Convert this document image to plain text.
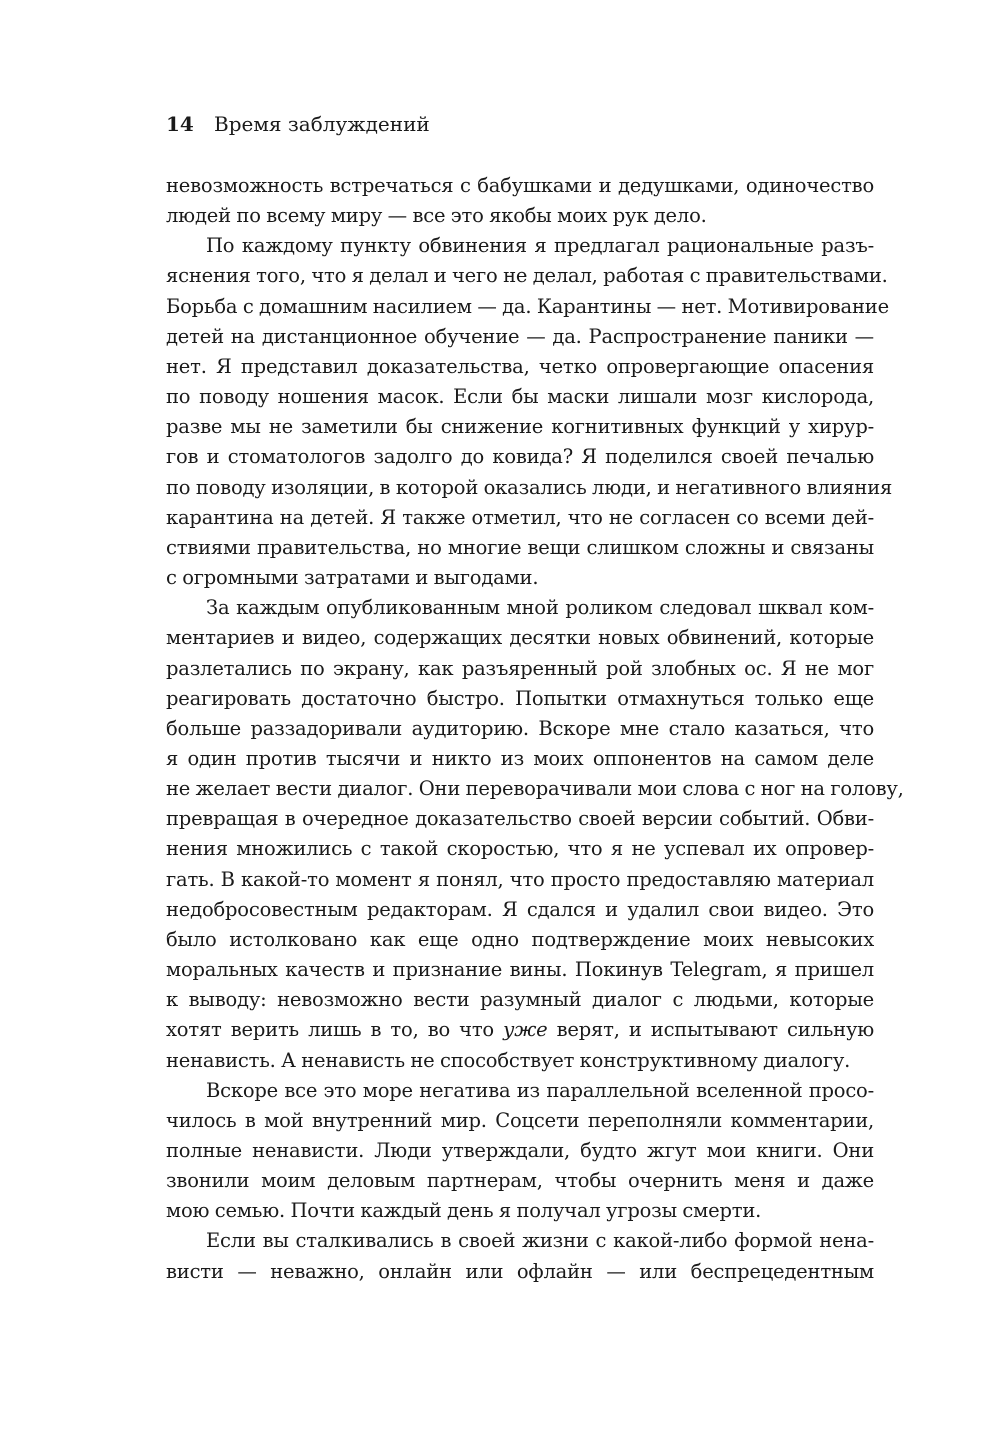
14 Время заблуждений
невозможность встречаться с бабушками и дедушками, одиночество
людей по всему миру — все это якобы моих рук дело.
По каждому пункту обвинения я предлагал рациональные разъ-
яснения того, что я делал и чего не делал, работая с правительствами.
Борьба с домашним насилием — да. Карантины — нет. Мотивирование
детей на дистанционное обучение — да. Распространение паники —
нет. Я представил доказательства, четко опровергающие опасения
по поводу ношения масок. Если бы маски лишали мозг кислорода,
разве мы не заметили бы снижение когнитивных функций у хирур-
гов и стоматологов задолго до ковида? Я поделился своей печалью
по поводу изоляции, в которой оказались люди, и негативного влияния
карантина на детей. Я также отметил, что не согласен со всеми дей-
ствиями правительства, но многие вещи слишком сложны и связаны
с огромными затратами и выгодами.
За каждым опубликованным мной роликом следовал шквал ком-
ментариев и видео, содержащих десятки новых обвинений, которые
разлетались по экрану, как разъяренный рой злобных ос. Я не мог
реагировать достаточно быстро. Попытки отмахнуться только еще
больше раззадоривали аудиторию. Вскоре мне стало казаться, что
я один против тысячи и никто из моих оппонентов на самом деле
не желает вести диалог. Они переворачивали мои слова с ног на голову,
превращая в очередное доказательство своей версии событий. Обви-
нения множились с такой скоростью, что я не успевал их опровер-
гать. В какой-то момент я понял, что просто предоставляю материал
недобросовестным редакторам. Я сдался и удалил свои видео. Это
было истолковано как еще одно подтверждение моих невысоких
моральных качеств и признание вины. Покинув Telegram, я пришел
к выводу: невозможно вести разумный диалог с людьми, которые
хотят верить лишь в то, во что уже верят, и испытывают сильную
ненависть. А ненависть не способствует конструктивному диалогу.
Вскоре все это море негатива из параллельной вселенной просо-
чилось в мой внутренний мир. Соцсети переполняли комментарии,
полные ненависти. Люди утверждали, будто жгут мои книги. Они
звонили моим деловым партнерам, чтобы очернить меня и даже
мою семью. Почти каждый день я получал угрозы смерти.
Если вы сталкивались в своей жизни с какой-либо формой нена-
висти — неважно, онлайн или офлайн — или беспрецедентным
